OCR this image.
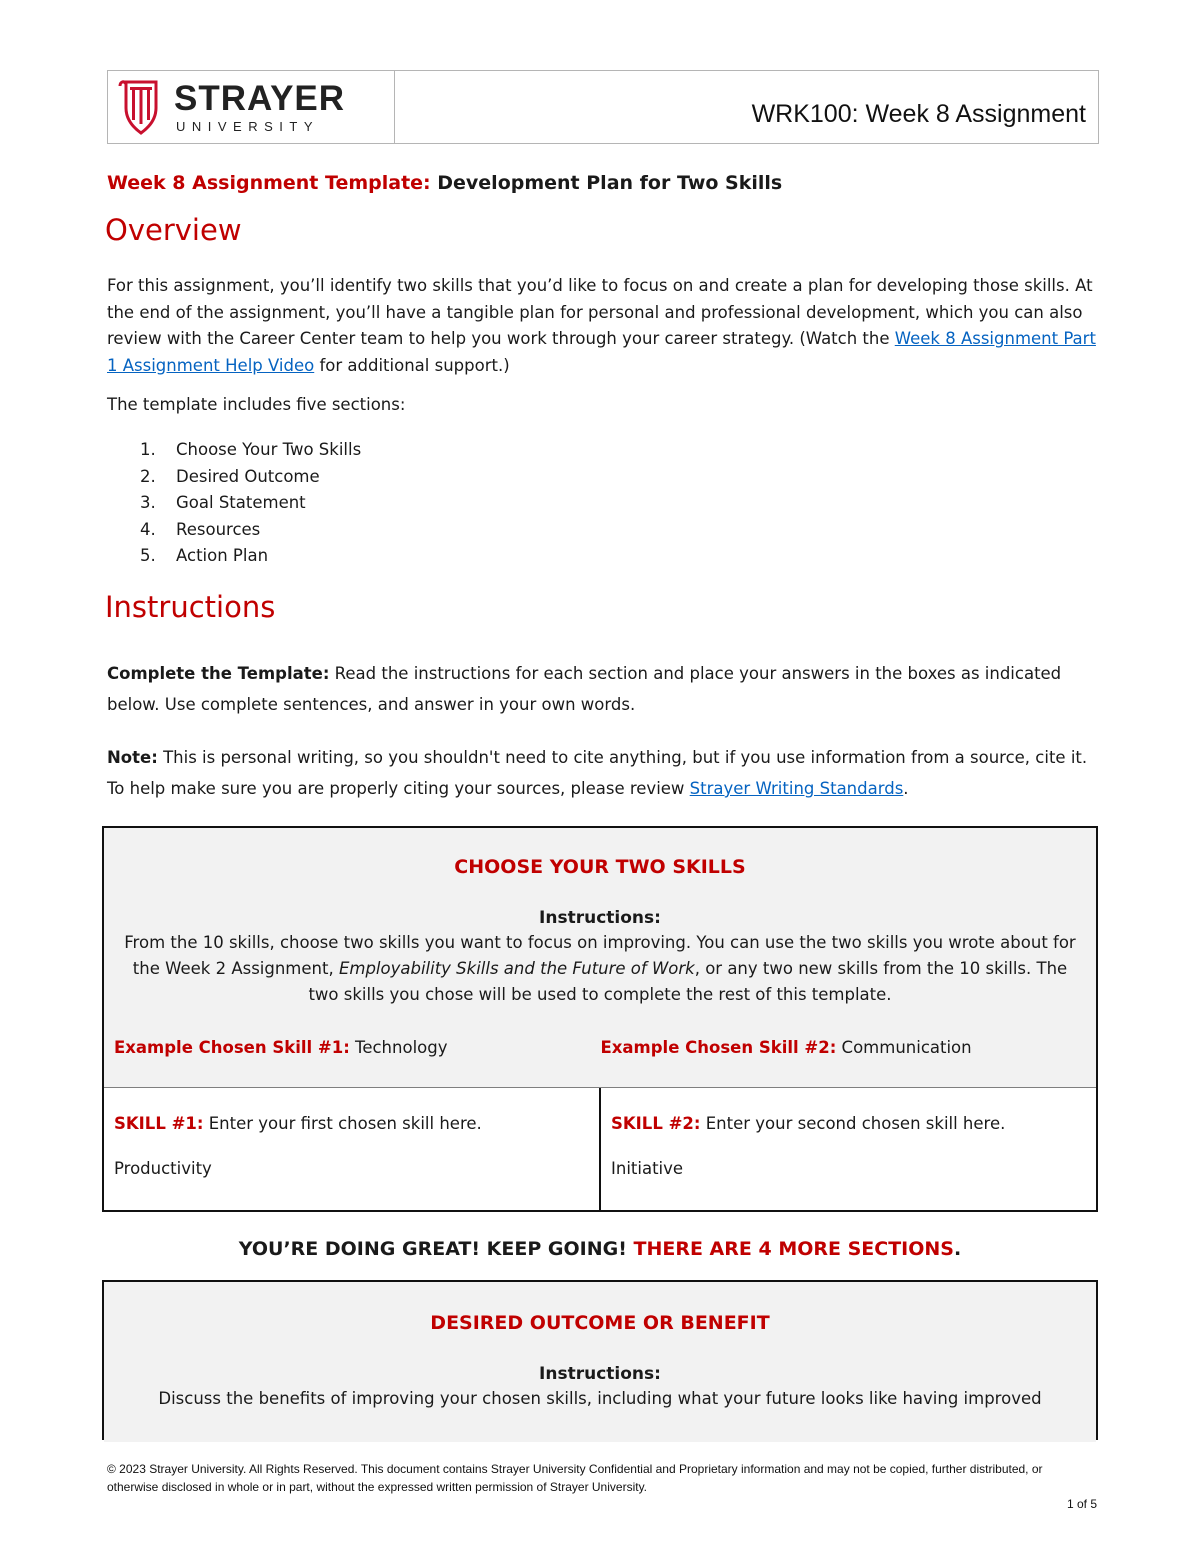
STRAYER
UNIVERSITY	WRK100: Week 8 Assignment
Week 8 Assignment Template: Development Plan for Two Skills
Overview
For this assignment, you’ll identify two skills that you’d like to focus on and create a plan for developing those skills. At the end of the assignment, you’ll have a tangible plan for personal and professional development, which you can also review with the Career Center team to help you work through your career strategy. (Watch the Week 8 Assignment Part 1 Assignment Help Video for additional support.)
The template includes five sections:
1.	Choose Your Two Skills
2.	Desired Outcome
3.	Goal Statement
4.	Resources
5.	Action Plan
Instructions
Complete the Template: Read the instructions for each section and place your answers in the boxes as indicated below. Use complete sentences, and answer in your own words.
Note: This is personal writing, so you shouldn't need to cite anything, but if you use information from a source, cite it. To help make sure you are properly citing your sources, please review Strayer Writing Standards.
CHOOSE YOUR TWO SKILLS
Instructions:
From the 10 skills, choose two skills you want to focus on improving. You can use the two skills you wrote about for the Week 2 Assignment, Employability Skills and the Future of Work, or any two new skills from the 10 skills. The two skills you chose will be used to complete the rest of this template.
Example Chosen Skill #1: Technology	Example Chosen Skill #2: Communication
SKILL #1: Enter your first chosen skill here.
Productivity
SKILL #2: Enter your second chosen skill here.
Initiative
YOU’RE DOING GREAT! KEEP GOING! THERE ARE 4 MORE SECTIONS.
DESIRED OUTCOME OR BENEFIT
Instructions:
Discuss the benefits of improving your chosen skills, including what your future looks like having improved
© 2023 Strayer University. All Rights Reserved. This document contains Strayer University Confidential and Proprietary information and may not be copied, further distributed, or otherwise disclosed in whole or in part, without the expressed written permission of Strayer University.
1 of 5
